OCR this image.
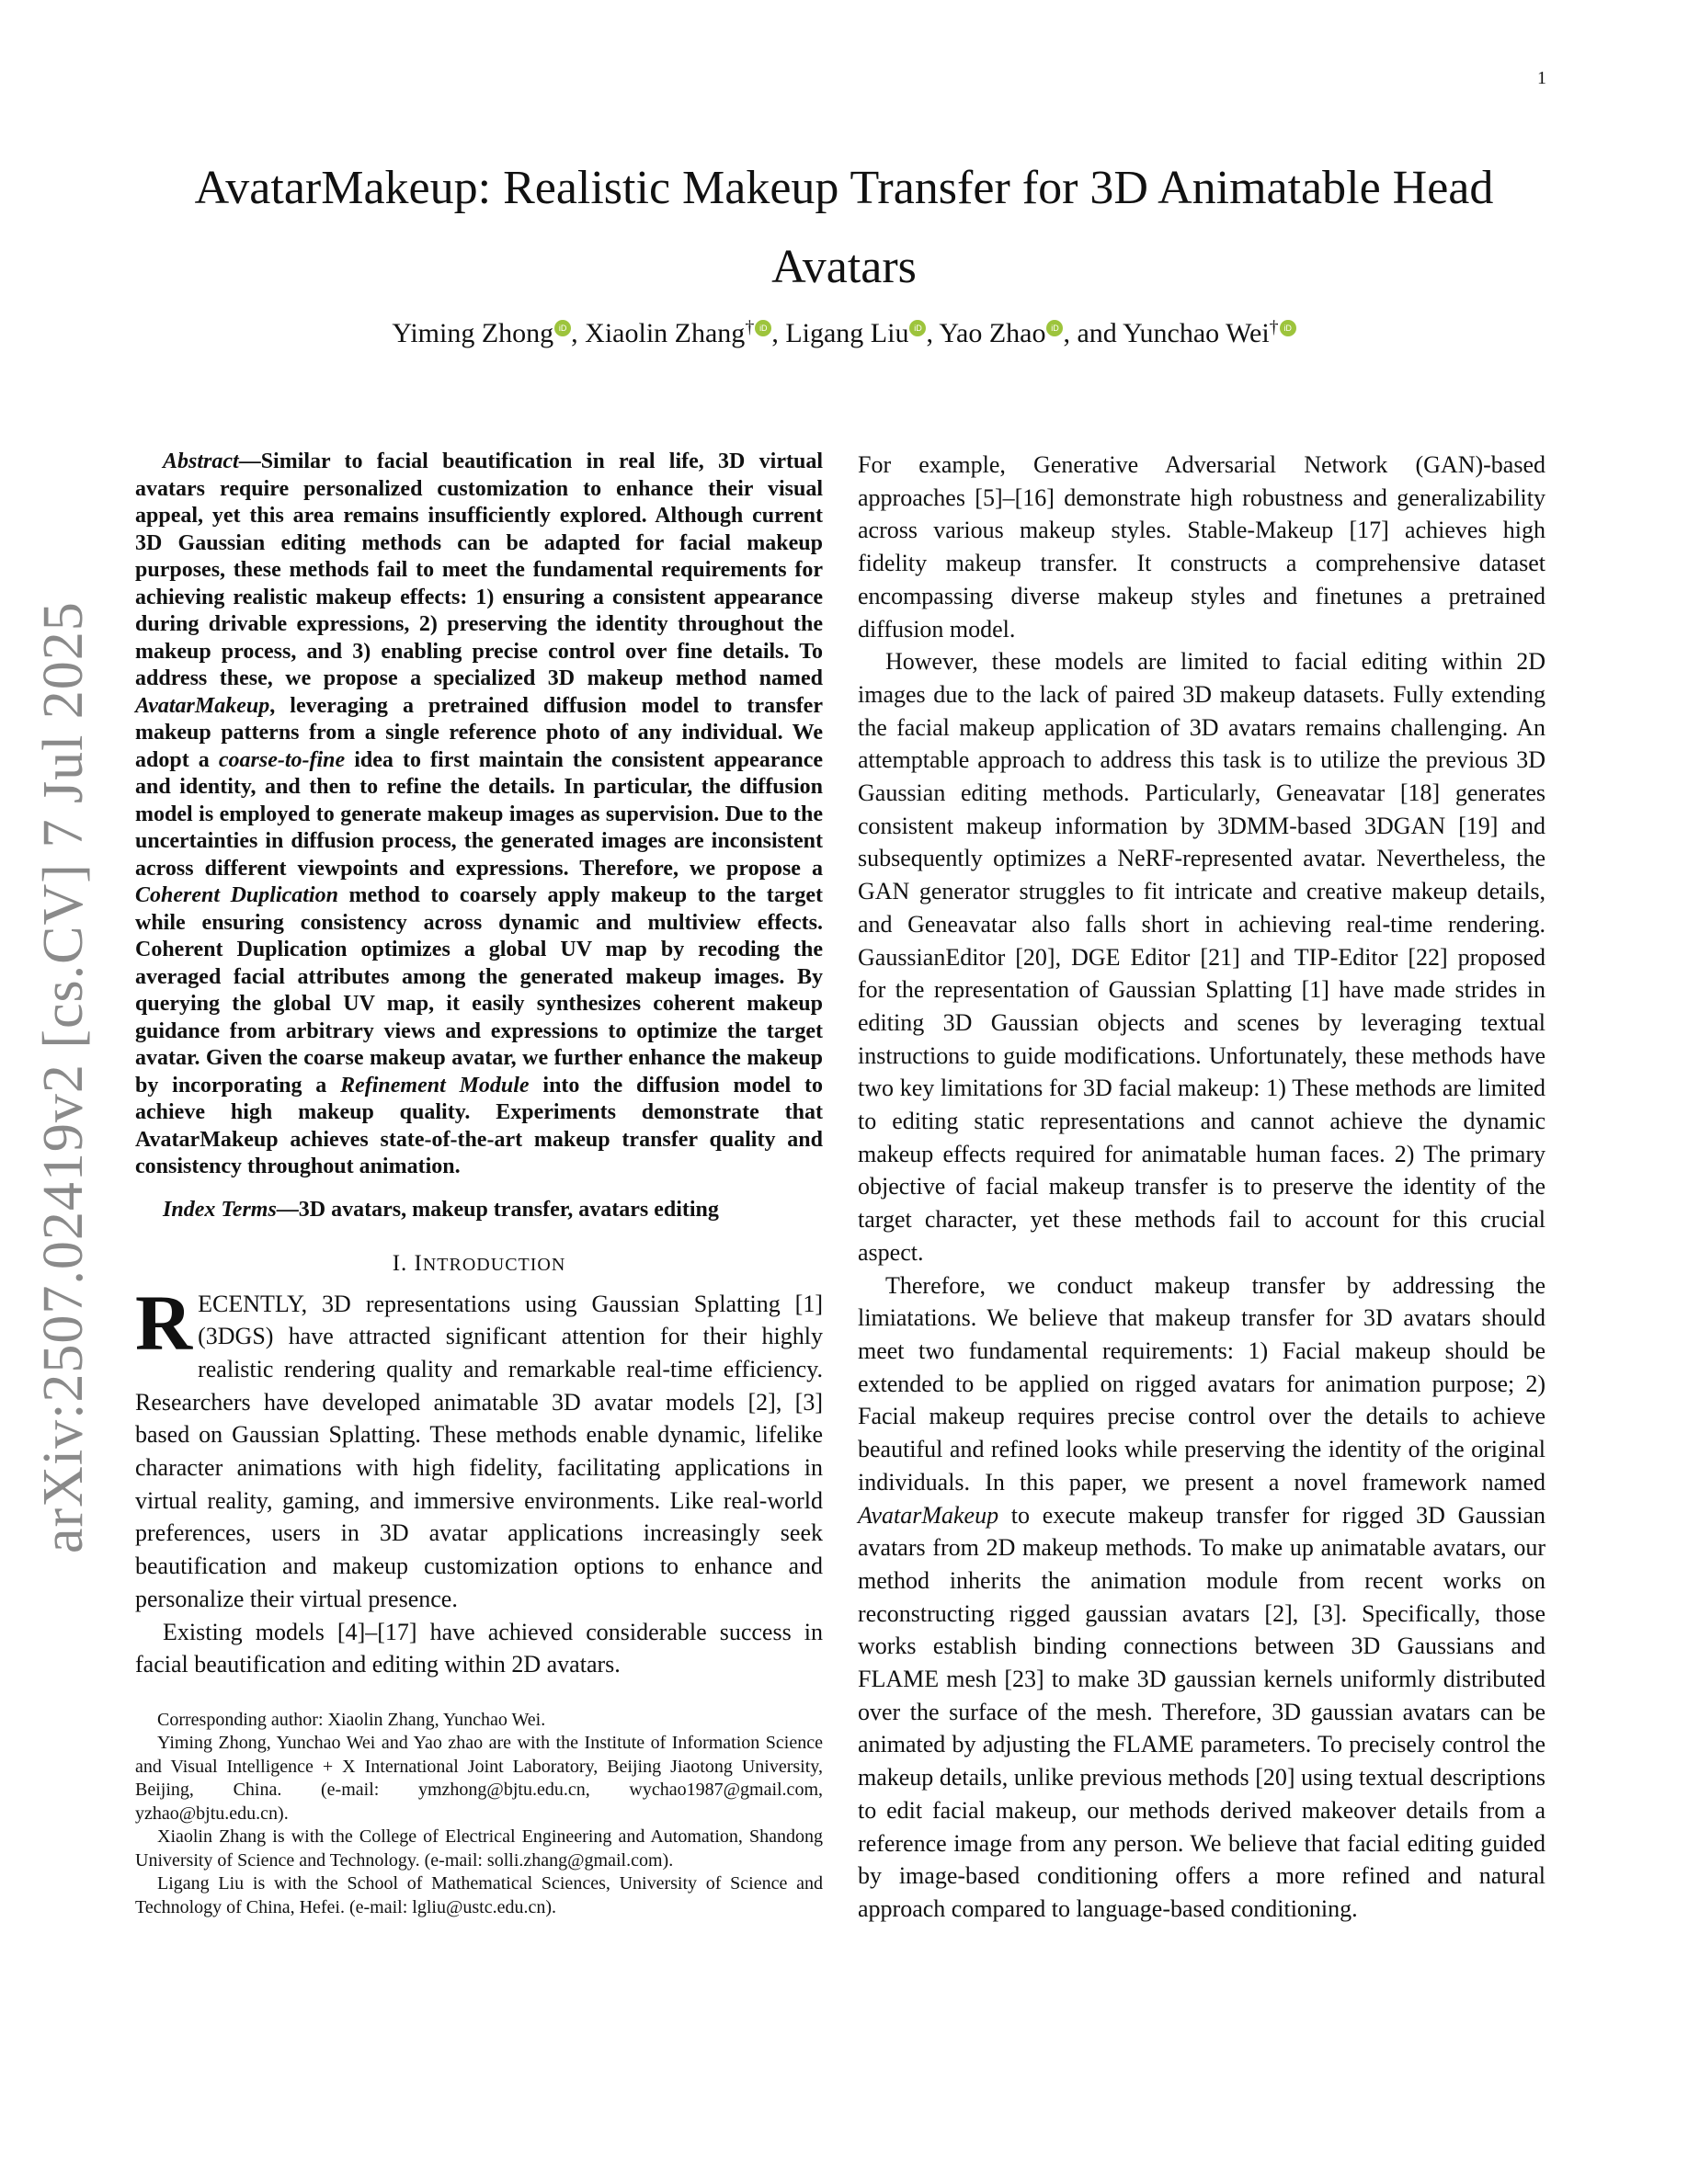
1
arXiv:2507.02419v2 [cs.CV] 7 Jul 2025
AvatarMakeup: Realistic Makeup Transfer for 3D Animatable Head Avatars
Yiming Zhong iD , Xiaolin Zhang† iD , Ligang Liu iD , Yao Zhao iD , and Yunchao Wei† iD

Abstract—Similar to facial beautification in real life, 3D virtual avatars require personalized customization to enhance their visual appeal, yet this area remains insufficiently explored. Although current 3D Gaussian editing methods can be adapted for facial makeup purposes, these methods fail to meet the fundamental requirements for achieving realistic makeup effects: 1) ensuring a consistent appearance during drivable expressions, 2) preserving the identity throughout the makeup process, and 3) enabling precise control over fine details. To address these, we propose a specialized 3D makeup method named AvatarMakeup, leveraging a pretrained diffusion model to transfer makeup patterns from a single reference photo of any individual. We adopt a coarse-to-fine idea to first maintain the consistent appearance and identity, and then to refine the details. In particular, the diffusion model is employed to generate makeup images as supervision. Due to the uncertainties in diffusion process, the generated images are inconsistent across different viewpoints and expressions. Therefore, we propose a Coherent Duplication method to coarsely apply makeup to the target while ensuring consistency across dynamic and multiview effects. Coherent Duplication optimizes a global UV map by recoding the averaged facial attributes among the generated makeup images. By querying the global UV map, it easily synthesizes coherent makeup guidance from arbitrary views and expressions to optimize the target avatar. Given the coarse makeup avatar, we further enhance the makeup by incorporating a Refinement Module into the diffusion model to achieve high makeup quality. Experiments demonstrate that AvatarMakeup achieves state-of-the-art makeup transfer quality and consistency throughout animation.

Index Terms—3D avatars, makeup transfer, avatars editing

I. INTRODUCTION

RECENTLY, 3D representations using Gaussian Splatting [1](3DGS) have attracted significant attention for their highly realistic rendering quality and remarkable real-time efficiency. Researchers have developed animatable 3D avatar models [2], [3] based on Gaussian Splatting. These methods enable dynamic, lifelike character animations with high fidelity, facilitating applications in virtual reality, gaming, and immersive environments. Like real-world preferences, users in 3D avatar applications increasingly seek beautification and makeup customization options to enhance and personalize their virtual presence.

Existing models [4]–[17] have achieved considerable success in facial beautification and editing within 2D avatars.

Corresponding author: Xiaolin Zhang, Yunchao Wei.

Yiming Zhong, Yunchao Wei and Yao zhao are with the Institute of Information Science and Visual Intelligence + X International Joint Laboratory, Beijing Jiaotong University, Beijing, China. (e-mail: ymzhong@bjtu.edu.cn, wychao1987@gmail.com, yzhao@bjtu.edu.cn).

Xiaolin Zhang is with the College of Electrical Engineering and Automation, Shandong University of Science and Technology. (e-mail: solli.zhang@gmail.com).

Ligang Liu is with the School of Mathematical Sciences, University of Science and Technology of China, Hefei. (e-mail: lgliu@ustc.edu.cn).

For example, Generative Adversarial Network (GAN)-based approaches [5]–[16] demonstrate high robustness and generalizability across various makeup styles. Stable-Makeup [17] achieves high fidelity makeup transfer. It constructs a comprehensive dataset encompassing diverse makeup styles and finetunes a pretrained diffusion model.

However, these models are limited to facial editing within 2D images due to the lack of paired 3D makeup datasets. Fully extending the facial makeup application of 3D avatars remains challenging. An attemptable approach to address this task is to utilize the previous 3D Gaussian editing methods. Particularly, Geneavatar [18] generates consistent makeup information by 3DMM-based 3DGAN [19] and subsequently optimizes a NeRF-represented avatar. Nevertheless, the GAN generator struggles to fit intricate and creative makeup details, and Geneavatar also falls short in achieving real-time rendering. GaussianEditor [20], DGE Editor [21] and TIP-Editor [22] proposed for the representation of Gaussian Splatting [1] have made strides in editing 3D Gaussian objects and scenes by leveraging textual instructions to guide modifications. Unfortunately, these methods have two key limitations for 3D facial makeup: 1) These methods are limited to editing static representations and cannot achieve the dynamic makeup effects required for animatable human faces. 2) The primary objective of facial makeup transfer is to preserve the identity of the target character, yet these methods fail to account for this crucial aspect.

Therefore, we conduct makeup transfer by addressing the limiatations. We believe that makeup transfer for 3D avatars should meet two fundamental requirements: 1) Facial makeup should be extended to be applied on rigged avatars for animation purpose; 2) Facial makeup requires precise control over the details to achieve beautiful and refined looks while preserving the identity of the original individuals. In this paper, we present a novel framework named AvatarMakeup to execute makeup transfer for rigged 3D Gaussian avatars from 2D makeup methods. To make up animatable avatars, our method inherits the animation module from recent works on reconstructing rigged gaussian avatars [2], [3]. Specifically, those works establish binding connections between 3D Gaussians and FLAME mesh [23] to make 3D gaussian kernels uniformly distributed over the surface of the mesh. Therefore, 3D gaussian avatars can be animated by adjusting the FLAME parameters. To precisely control the makeup details, unlike previous methods [20] using textual descriptions to edit facial makeup, our methods derived makeover details from a reference image from any person. We believe that facial editing guided by image-based conditioning offers a more refined and natural approach compared to language-based conditioning.
